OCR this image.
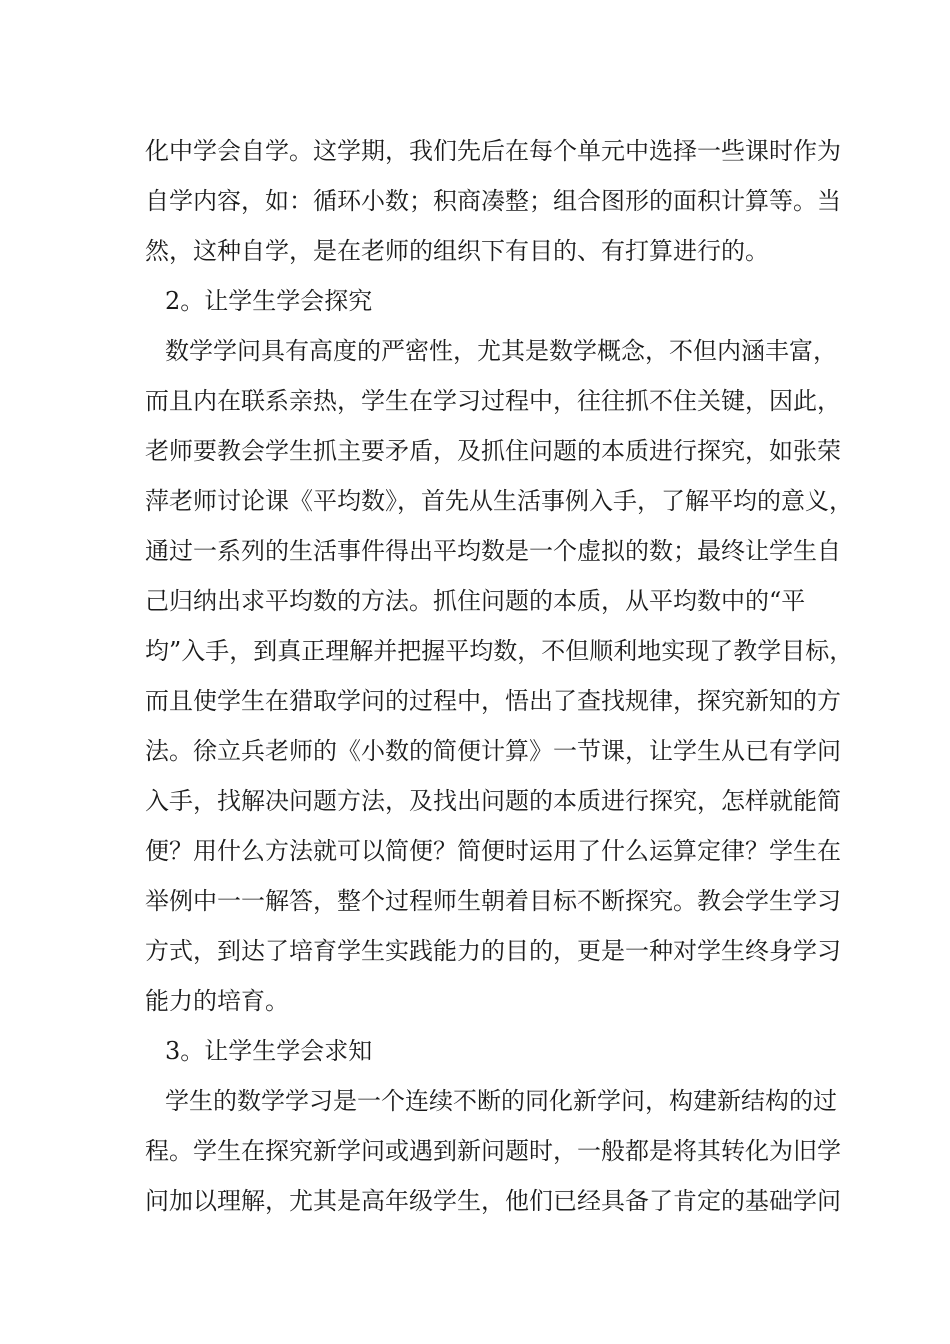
化中学会自学。这学期，我们先后在每个单元中选择一些课时作为
自学内容，如：循环小数；积商凑整；组合图形的面积计算等。当
然，这种自学，是在老师的组织下有目的、有打算进行的。
2。让学生学会探究
数学学问具有高度的严密性，尤其是数学概念，不但内涵丰富，
而且内在联系亲热，学生在学习过程中，往往抓不住关键，因此，
老师要教会学生抓主要矛盾，及抓住问题的本质进行探究，如张荣
萍老师讨论课《平均数》，首先从生活事例入手，了解平均的意义，
通过一系列的生活事件得出平均数是一个虚拟的数；最终让学生自
己归纳出求平均数的方法。抓住问题的本质，从平均数中的“平
均”入手，到真正理解并把握平均数，不但顺利地实现了教学目标，
而且使学生在猎取学问的过程中，悟出了查找规律，探究新知的方
法。徐立兵老师的《小数的简便计算》一节课，让学生从已有学问
入手，找解决问题方法，及找出问题的本质进行探究，怎样就能简
便？用什么方法就可以简便？简便时运用了什么运算定律？学生在
举例中一一解答，整个过程师生朝着目标不断探究。教会学生学习
方式，到达了培育学生实践能力的目的，更是一种对学生终身学习
能力的培育。
3。让学生学会求知
学生的数学学习是一个连续不断的同化新学问，构建新结构的过
程。学生在探究新学问或遇到新问题时，一般都是将其转化为旧学
问加以理解，尤其是高年级学生，他们已经具备了肯定的基础学问
